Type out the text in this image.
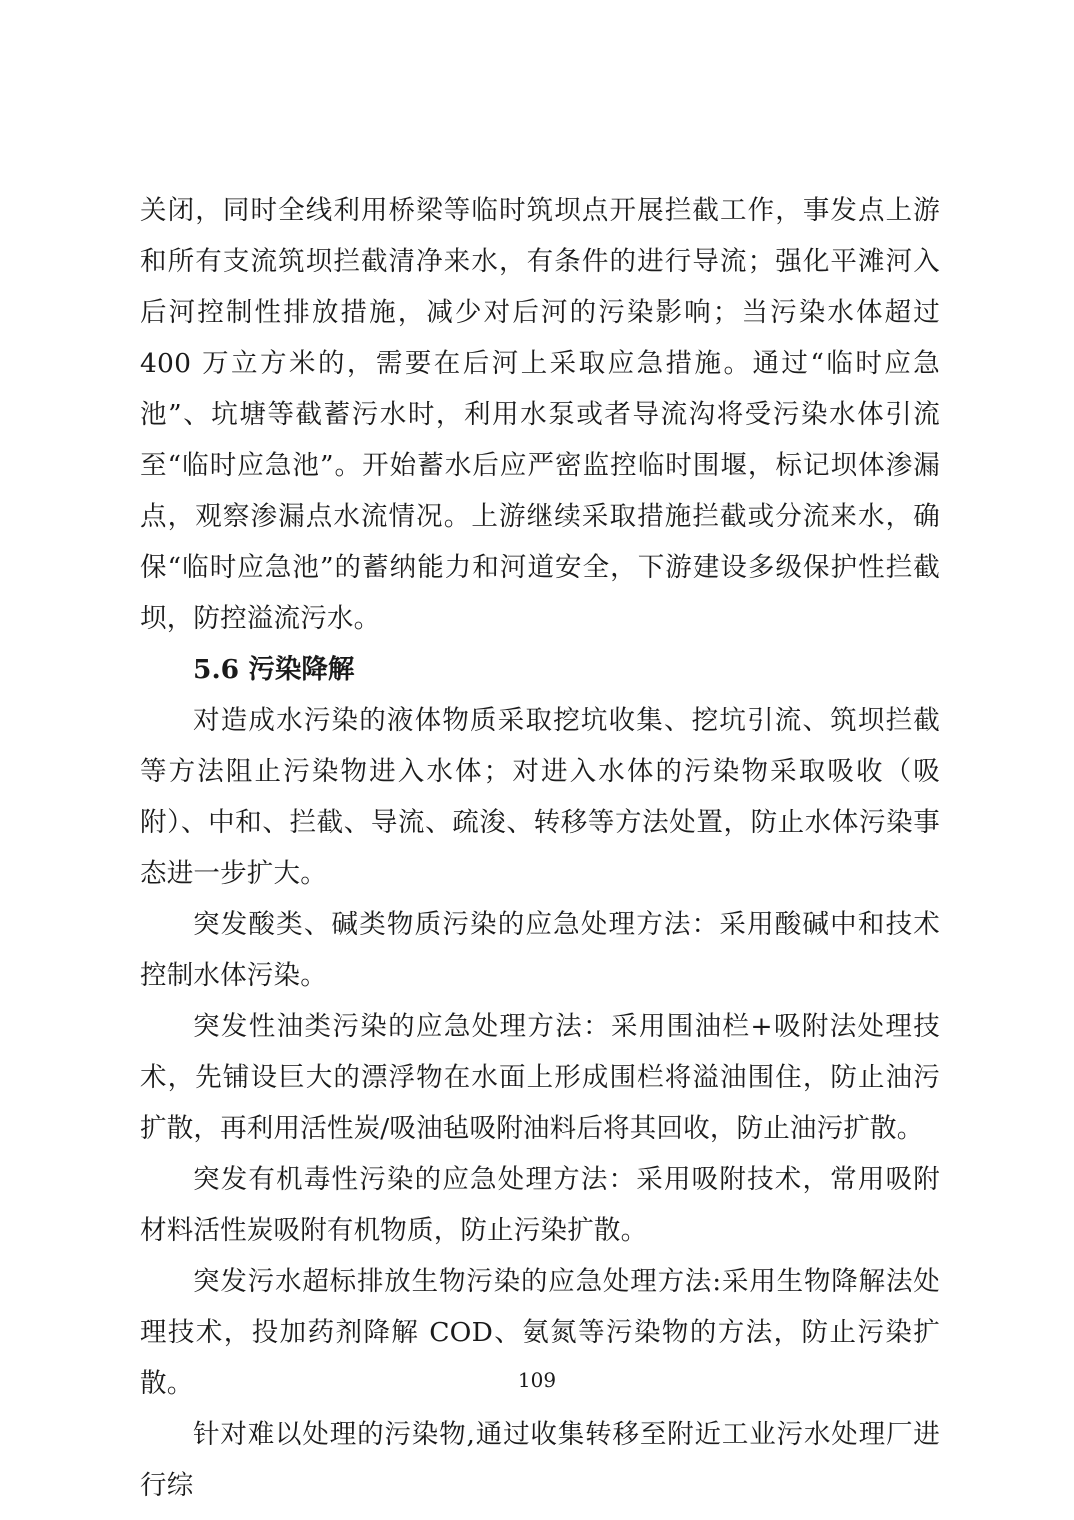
关闭，同时全线利用桥梁等临时筑坝点开展拦截工作，事发点上游和所有支流筑坝拦截清净来水，有条件的进行导流；强化平滩河入后河控制性排放措施，减少对后河的污染影响；当污染水体超过 400 万立方米的，需要在后河上采取应急措施。通过“临时应急池”、坑塘等截蓄污水时，利用水泵或者导流沟将受污染水体引流至“临时应急池”。开始蓄水后应严密监控临时围堰，标记坝体渗漏点，观察渗漏点水流情况。上游继续采取措施拦截或分流来水，确保“临时应急池”的蓄纳能力和河道安全，下游建设多级保护性拦截坝，防控溢流污水。

5.6 污染降解

对造成水污染的液体物质采取挖坑收集、挖坑引流、筑坝拦截等方法阻止污染物进入水体；对进入水体的污染物采取吸收（吸附）、中和、拦截、导流、疏浚、转移等方法处置，防止水体污染事态进一步扩大。

突发酸类、碱类物质污染的应急处理方法：采用酸碱中和技术控制水体污染。

突发性油类污染的应急处理方法：采用围油栏+吸附法处理技术，先铺设巨大的漂浮物在水面上形成围栏将溢油围住，防止油污扩散，再利用活性炭/吸油毡吸附油料后将其回收，防止油污扩散。

突发有机毒性污染的应急处理方法：采用吸附技术，常用吸附材料活性炭吸附有机物质，防止污染扩散。

突发污水超标排放生物污染的应急处理方法:采用生物降解法处理技术，投加药剂降解 COD、氨氮等污染物的方法，防止污染扩散。

针对难以处理的污染物,通过收集转移至附近工业污水处理厂进行综

109
